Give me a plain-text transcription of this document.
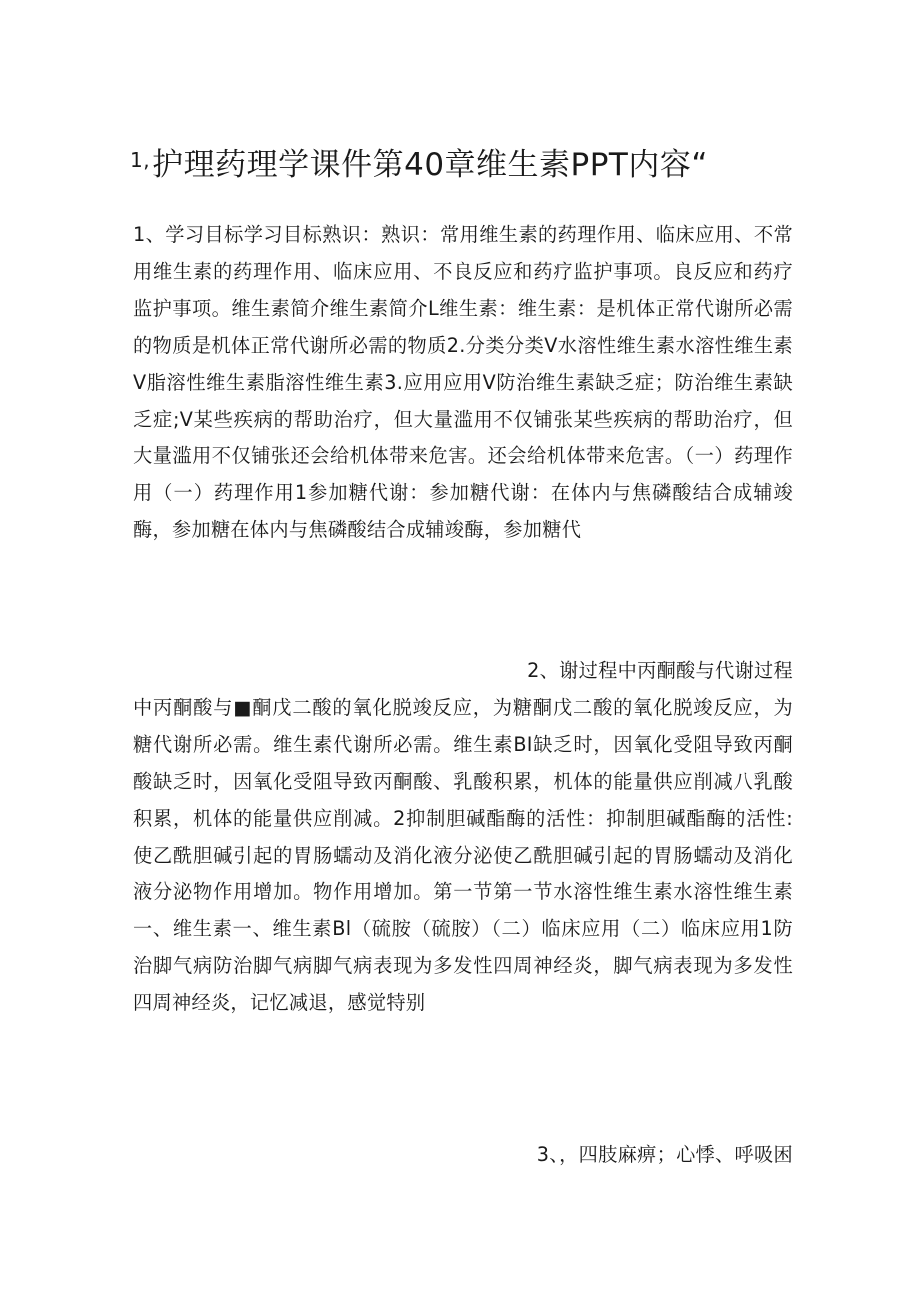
$^{1,}$护理药理学课件第40章维生素PPT内容“
1、学习目标学习目标熟识：熟识：常用维生素的药理作用、临床应用、不常用维生素的药理作用、临床应用、不良反应和药疗监护事项。良反应和药疗监护事项。维生素简介维生素简介L维生素：维生素：是机体正常代谢所必需的物质是机体正常代谢所必需的物质2.分类分类V水溶性维生素水溶性维生素V脂溶性维生素脂溶性维生素3.应用应用V防治维生素缺乏症；防治维生素缺乏症;V某些疾病的帮助治疗，但大量滥用不仅铺张某些疾病的帮助治疗，但大量滥用不仅铺张还会给机体带来危害。还会给机体带来危害。（一）药理作用（一）药理作用1参加糖代谢：参加糖代谢：在体内与焦磷酸结合成辅竣酶，参加糖在体内与焦磷酸结合成辅竣酶，参加糖代
2、谢过程中丙酮酸与代谢过程
中丙酮酸与■酮戊二酸的氧化脱竣反应，为糖酮戊二酸的氧化脱竣反应，为糖代谢所必需。维生素代谢所必需。维生素BI缺乏时，因氧化受阻导致丙酮酸缺乏时，因氧化受阻导致丙酮酸、乳酸积累，机体的能量供应削减八乳酸积累，机体的能量供应削减。2抑制胆碱酯酶的活性：抑制胆碱酯酶的活性:使乙酰胆碱引起的胃肠蠕动及消化液分泌使乙酰胆碱引起的胃肠蠕动及消化液分泌物作用增加。物作用增加。第一节第一节水溶性维生素水溶性维生素一、维生素一、维生素Bl（硫胺（硫胺）（二）临床应用（二）临床应用1防治脚气病防治脚气病脚气病表现为多发性四周神经炎，脚气病表现为多发性四周神经炎，记忆减退，感觉特别
3、，四肢麻痹；心悸、呼吸困
